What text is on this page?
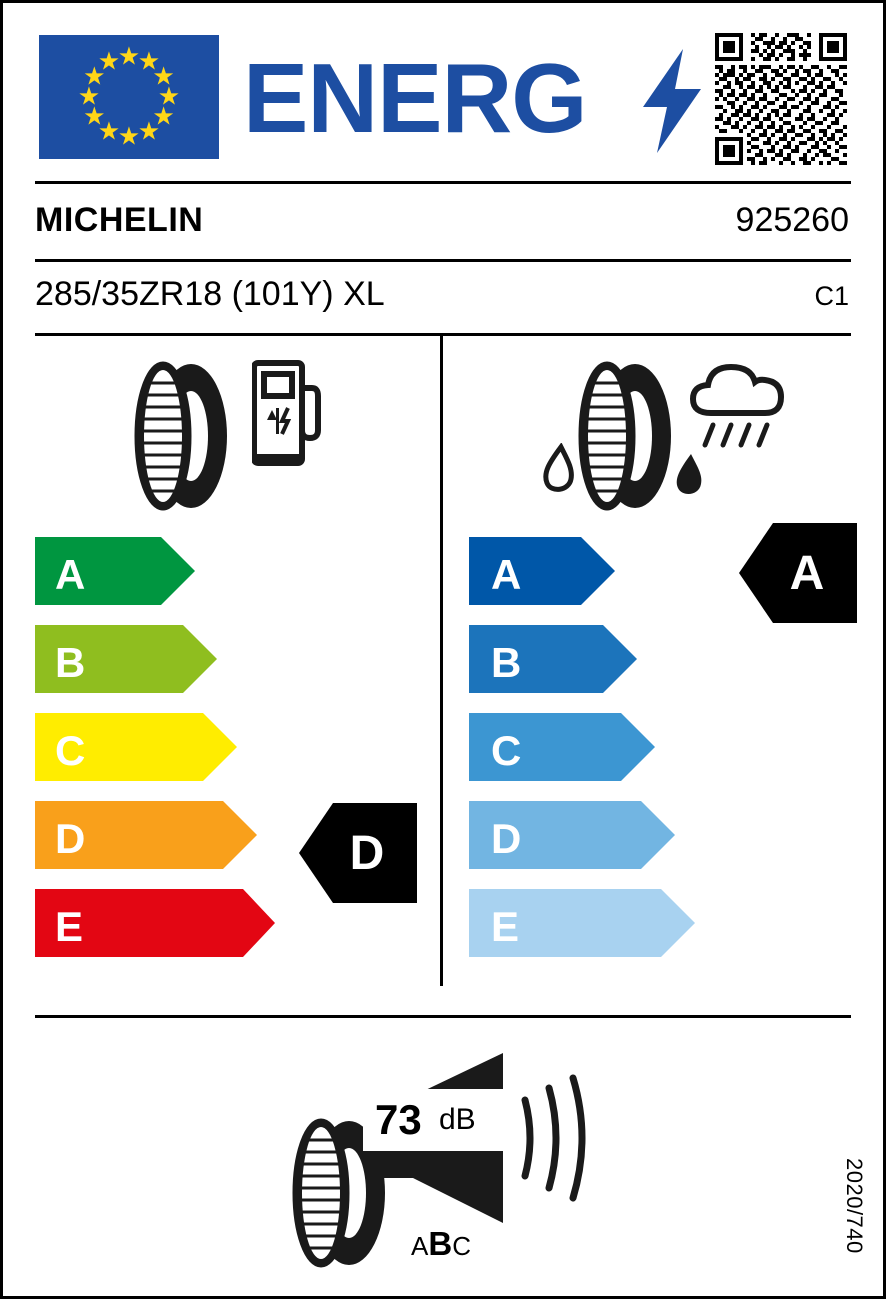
★
★
★
★
★
★
★
★
★
★
★
★ ENERG
MICHELIN	925260
285/35ZR18 (101Y) XL	C1
A
B
C
D
E
D
A
B
C
D
E
A
73 dB
ABC	2020/740
